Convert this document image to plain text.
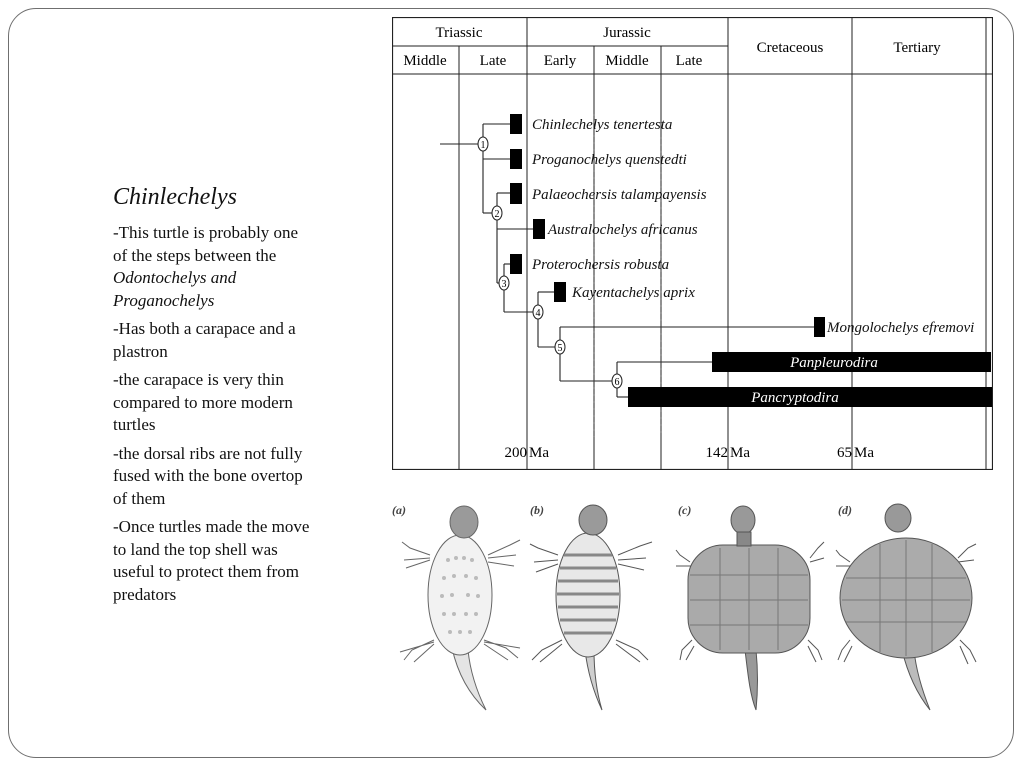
Chinlechelys
-This turtle is probably one of the steps between the Odontochelys and Proganochelys
-Has both a carapace and a plastron
-the carapace is very thin compared to more modern turtles
-the dorsal ribs are not fully fused with the bone overtop of them
-Once turtles made the move to land the top shell was useful to protect them from predators
Triassic	Jurassic
Cretaceous	Tertiary
Middle Late Early Middle Late
200 Ma	142 Ma	65 Ma
1
2
3
4
5
6
Chinlechelys tenertesta
Proganochelys quenstedti
Palaeochersis talampayensis
Australochelys africanus
Proterochersis robusta
Kayentachelys aprix
Mongolochelys efremovi
Panpleurodira
Pancryptodira
(a)	(b)	(c)	(d)
